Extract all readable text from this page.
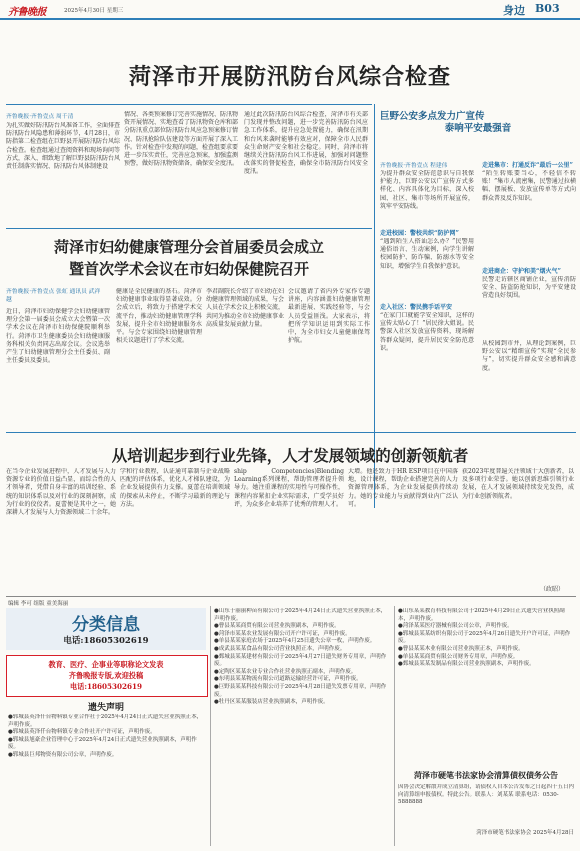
齐鲁晚报	2025年4月30日 星期三	身边 B03
菏泽市开展防汛防台风综合检查
齐鲁晚报·齐鲁壹点 周千清
为扎实做好防汛防台风准备工作，全面排查防汛防台风隐患和薄弱环节，4月28日，市防指第二检查组在巨野县开展防汛防台风综合检查。检查组通过查阅资料和现场询问等方式，深入、细致地了解巨野县防汛防台风责任制落实情况、防汛防台风体制建设
情况、各类预案修订完善实施情况、防汛物资开展情况、实地查看了防汛物资仓库和部分防汛重点部位防汛防台风应急预案修订情况、防汛抢险队伍建设等方面开展了深入工作。针对检查中发现的问题，检查组要求要进一步压实责任，完善应急预案，加强监测预警，做好防汛物资储备，确保安全度汛。
通过此次防汛防台风综合检查，菏泽市有关部门发现并整改问题，进一步完善防汛防台风应急工作体系，提升应急处置能力，确保在汛期和台风来袭时能够有效应对，保障全市人民群众生命财产安全和社会稳定。同时，菏泽市将继续关注防汛防台风工作进展，加强对问题整改落实的督促检查，确保全市防汛防台风安全度汛。
巨野公安多点发力广宣传
泰响平安最强音
齐鲁晚报·齐鲁壹点 程建伟
为提升群众安全防范意识与自我保护能力，巨野公安以广宣传方式多样化、内容具体化为目标，深入校园、社区、集市等场所开展宣传，筑牢平安防线。
走进校园：警校共织“防护网”
“遇到陌生人搭讪怎么办？”民警用通俗语言、生动案例，向学生讲解校园防护、防诈骗、防溺水等安全知识，增强学生自我保护意识。
走入社区：警民携手话平安
“在家门口就能学安全知识，这样的宣传太贴心了！”居民徐大姐说。民警深入社区发放宣传资料，现场解答群众疑问，提升居民安全防范意识。
走进集市：打通反诈“最后一公里”
“陌生转账要当心，不轻信不转账！”集市人流密集，民警通过拉横幅、摆展板、发放宣传单等方式向群众普及反诈知识。
走进商企：守护和美“烟火气”
民警走访辖区商铺企业，宣传消防安全、防盗防抢知识，为平安建设营造良好氛围。
从校园到市井，从理论到案例，巨野公安以“精细宣传”实现“全民参与”，切实提升群众安全感和满意度。
菏泽市妇幼健康管理分会首届委员会成立
暨首次学术会议在市妇幼保健院召开
齐鲁晚报·齐鲁壹点 张虹 通讯员 武祥越
近日，菏泽市妇幼保健学会妇幼健康管理分会第一届委员会成立大会暨第一次学术会议在菏泽市妇幼保健院顺利举行。菏泽市卫生健康委员会妇幼健康服务科相关负责同志出席会议。会议选举产生了妇幼健康管理分会主任委员、副主任委员及委员。
健康是全民健康的基石。菏泽市妇幼健康事业取得显著成效。分会成立后，将致力于搭建学术交流平台，推动妇幼健康管理学科发展，提升全市妇幼健康服务水平。与会专家围绕妇幼健康管理相关议题进行了学术交流。
李君副院长介绍了市妇幼在妇幼健康管理领域的成果，与会人员在学术会议上积极交流，共同为推动全市妇幼健康事业高质量发展贡献力量。
会议邀请了省内外专家作专题讲座，内容涵盖妇幼健康管理最新进展、实践经验等，与会人员受益匪浅。大家表示，将把所学知识运用到实际工作中，为全市妇女儿童健康保驾护航。
从培训起步到行业先锋，人才发展领域的创新领航者
在当今企业发展进程中，人才发展与人力资源专业的价值日益凸显，而综合性的人才领导者，凭借自身丰富的培训经验、系统的知识体系以及对行业的深刻洞察，成为行业的佼佼者。夏蕾便是其中之一，她深耕人才发展与人力资源领域二十余年。
学和行业教程，认证通可靠制与企业战略匹配的评估体系，优化人才梯队建设，为企业发展提供有力支撑。夏蕾在培训领域的探索从未停止，不断学习最新的理论与方法。
ship Competencies)Blending Learning系列课程，帮助管理者提升领导力。她注重课程的实用性与可操作性，课程内容紧扣企业实际需求，广受学员好评，为众多企业培养了优秀的管理人才。
大增。他还致力于HR ESP项目在中国落地，设计课程，帮助企业搭建完善的人力资源管理体系，为企业发展提供持续动力。她的专业能力与贡献得到业内广泛认可。
获2023年度普遍关注领域十大创新者，以及多项行业荣誉。她以创新思维引领行业发展，在人才发展领域持续发光发热，成为行业创新领航者。
（政昭）
编辑 李可 组版 童美海丽
分类信息
电话:18605302619
教育、医疗、企事业等职称论文发表
齐鲁晚报专版,欢迎投稿
电话:18605302619
遗失声明
●郓城县英泽仟台物料镇专业合作社于2025年4月24日正式遗失营业执照正本，声明作废。
●郓城县英泽仟台物料镇专业合作社开户许可证，声明作废。
●郓城县旭豪企业管理中心于2025年4月24日正式遗失营业执照副本，声明作废。
●郓城县巨邦物资有限公司公章，声明作废。
●山东于丽丽种苗有限公司于2025年4月24日正式遗失营业执照正本，声明作废。
●曹县某某商贸有限公司营业执照副本，声明作废。
●菏泽市某某农业发展有限公司开户许可证，声明作废。
●单县某某家庭农场于2025年4月25日遗失公章一枚，声明作废。
●成武县某某食品有限公司营业执照正本，声明作废。
●鄄城县某某建材有限公司于2025年4月27日遗失财务专用章，声明作废。
●定陶区某某农业专业合作社营业执照正副本，声明作废。
●东明县某某物流有限公司道路运输经营许可证，声明作废。
●巨野县某某科技有限公司于2025年4月28日遗失发票专用章，声明作废。
●牡丹区某某服装店营业执照副本，声明作废。
●山东某某教育科技有限公司于2025年4月29日正式遗失营业执照副本，声明作废。
●菏泽某某医疗器械有限公司公章，声明作废。
●郓城县某某纺织有限公司于2025年4月26日遗失开户许可证，声明作废。
●曹县某某木业有限公司营业执照正本，声明作废。
●单县某某商贸有限公司财务专用章，声明作废。
●鄄城县某某发制品有限公司营业执照副本，声明作废。
菏泽市硬笔书法家协会清算债权债务公告
因协会决定解散并成立清算组，请债权人自本公告发布之日起四十五日内向清算组申报债权。特此公告。联系人：刘某某 联系电话：0530-5888888
菏泽市硬笔书法家协会 2025年4月28日
